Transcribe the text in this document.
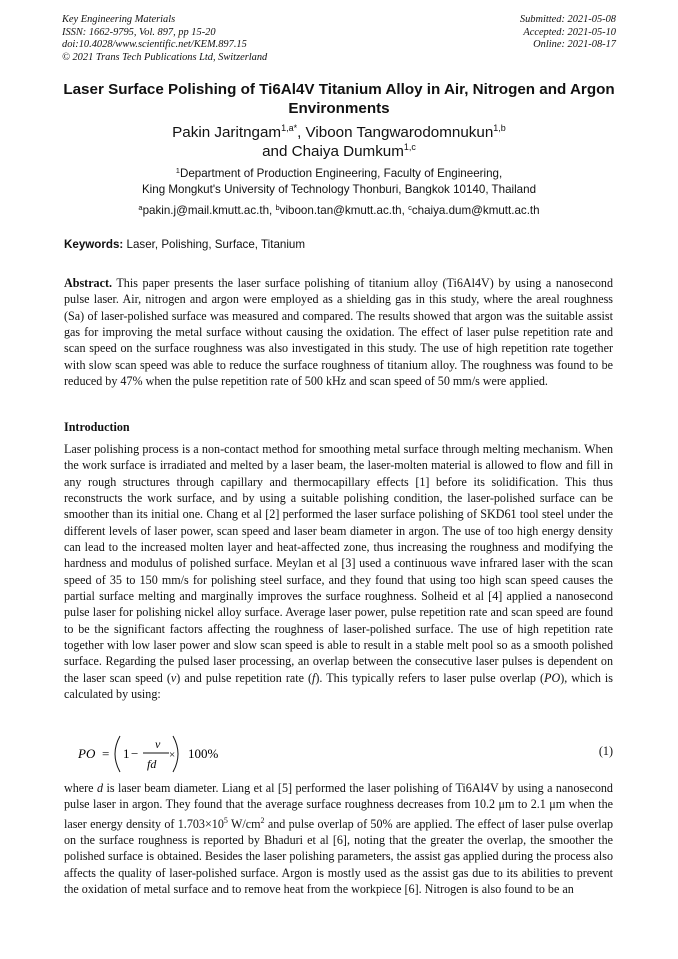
Key Engineering Materials
ISSN: 1662-9795, Vol. 897, pp 15-20
doi:10.4028/www.scientific.net/KEM.897.15
© 2021 Trans Tech Publications Ltd, Switzerland
Submitted: 2021-05-08
Accepted: 2021-05-10
Online: 2021-08-17
Laser Surface Polishing of Ti6Al4V Titanium Alloy in Air, Nitrogen and Argon Environments
Pakin Jaritngam$^{1,a*}$, Viboon Tangwarodomnukun$^{1,b}$
and Chaiya Dumkum$^{1,c}$
$^1$Department of Production Engineering, Faculty of Engineering,
King Mongkut's University of Technology Thonburi, Bangkok 10140, Thailand
$^a$pakin.j@mail.kmutt.ac.th, $^b$viboon.tan@kmutt.ac.th, $^c$chaiya.dum@kmutt.ac.th
Keywords: Laser, Polishing, Surface, Titanium
Abstract. This paper presents the laser surface polishing of titanium alloy (Ti6Al4V) by using a nanosecond pulse laser. Air, nitrogen and argon were employed as a shielding gas in this study, where the areal roughness (Sa) of laser-polished surface was measured and compared. The results showed that argon was the suitable assist gas for improving the metal surface without causing the oxidation. The effect of laser pulse repetition rate and scan speed on the surface roughness was also investigated in this study. The use of high repetition rate together with slow scan speed was able to reduce the surface roughness of titanium alloy. The roughness was found to be reduced by 47% when the pulse repetition rate of 500 kHz and scan speed of 50 mm/s were applied.
Introduction
Laser polishing process is a non-contact method for smoothing metal surface through melting mechanism. When the work surface is irradiated and melted by a laser beam, the laser-molten material is allowed to flow and fill in any rough structures through capillary and thermocapillary effects [1] before its solidification. This thus reconstructs the work surface, and by using a suitable polishing condition, the laser-polished surface can be smoother than its initial one. Chang et al [2] performed the laser surface polishing of SKD61 tool steel under the different levels of laser power, scan speed and laser beam diameter in argon. The use of too high energy density can lead to the increased molten layer and heat-affected zone, thus increasing the roughness and modifying the hardness and modulus of polished surface. Meylan et al [3] used a continuous wave infrared laser with the scan speed of 35 to 150 mm/s for polishing steel surface, and they found that using too high scan speed causes the partial surface melting and marginally improves the surface roughness. Solheid et al [4] applied a nanosecond pulse laser for polishing nickel alloy surface. Average laser power, pulse repetition rate and scan speed are found to be the significant factors affecting the roughness of laser-polished surface. The use of high repetition rate together with low laser power and slow scan speed is able to result in a stable melt pool so as a smooth polished surface. Regarding the pulsed laser processing, an overlap between the consecutive laser pulses is dependent on the laser scan speed (v) and pulse repetition rate (f). This typically refers to laser pulse overlap (PO), which is calculated by using:
PO = 1 −
v
fd
× 100%	(1)
where d is laser beam diameter. Liang et al [5] performed the laser polishing of Ti6Al4V by using a nanosecond pulse laser in argon. They found that the average surface roughness decreases from 10.2 μm to 2.1 μm when the laser energy density of $1.703\times 10^5$ $W/cm^2$ and pulse overlap of 50% are applied. The effect of laser pulse overlap on the surface roughness is reported by Bhaduri et al [6], noting that the greater the overlap, the smoother the polished surface is obtained. Besides the laser polishing parameters, the assist gas applied during the process also affects the quality of laser-polished surface. Argon is mostly used as the assist gas due to its abilities to prevent the oxidation of metal surface and to remove heat from the workpiece [6]. Nitrogen is also found to be an
